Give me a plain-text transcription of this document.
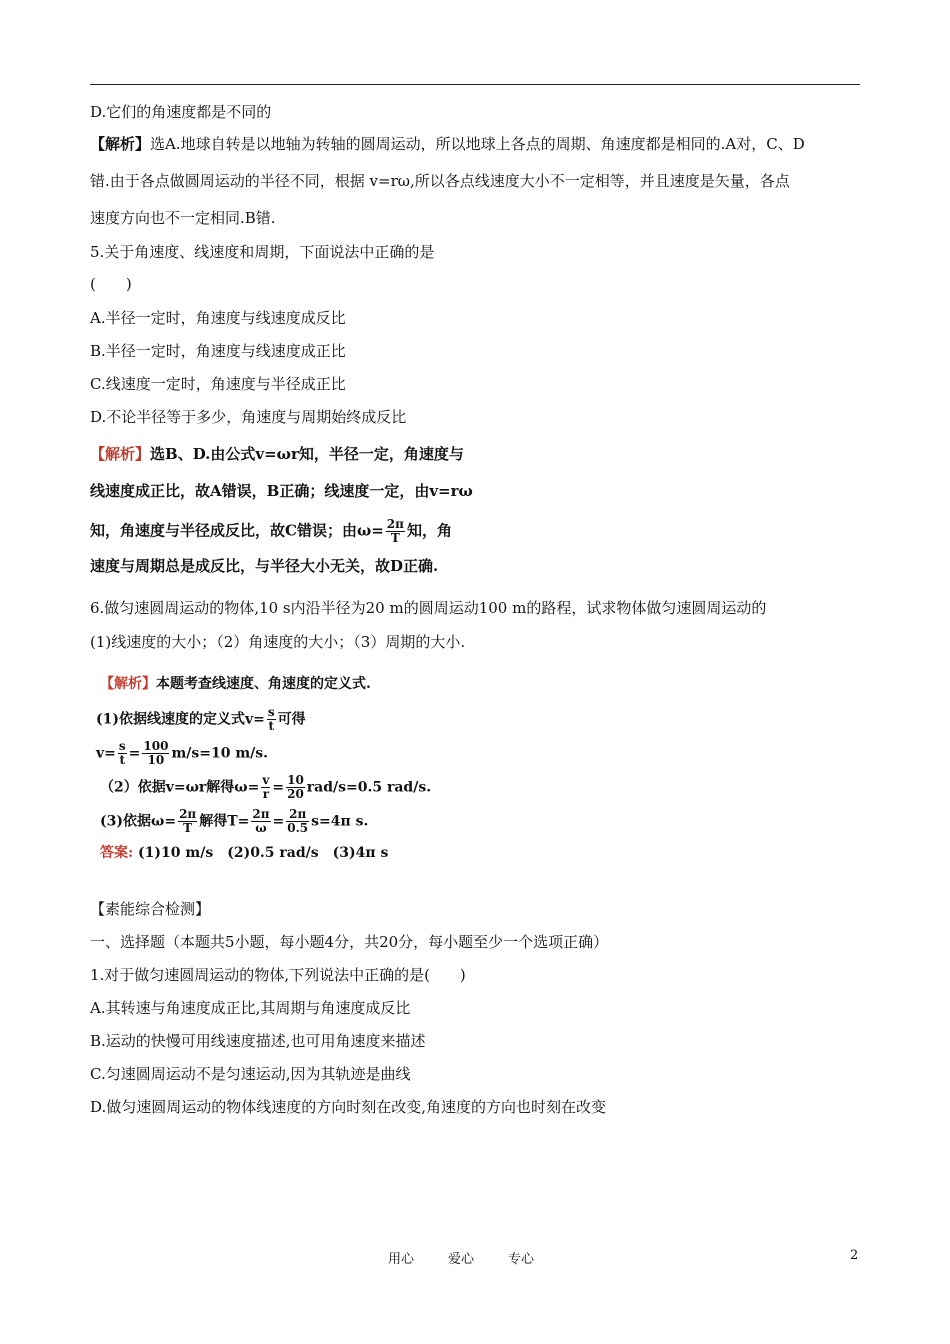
D.它们的角速度都是不同的
【解析】选A.地球自转是以地轴为转轴的圆周运动，所以地球上各点的周期、角速度都是相同的.A对，C、D
错.由于各点做圆周运动的半径不同，根据 v=rω,所以各点线速度大小不一定相等，并且速度是矢量，各点
速度方向也不一定相同.B错.
5.关于角速度、线速度和周期，下面说法中正确的是
(　　)
A.半径一定时，角速度与线速度成反比
B.半径一定时，角速度与线速度成正比
C.线速度一定时，角速度与半径成正比
D.不论半径等于多少，角速度与周期始终成反比
【解析】选B、D.由公式v=ωr知，半径一定，角速度与
线速度成正比，故A错误，B正确；线速度一定，由v=rω
知，角速度与半径成反比，故C错误；由$\omega= \frac{2\pi}{T}$ 知，角
速度与周期总是成反比，与半径大小无关，故D正确.
6.做匀速圆周运动的物体,10 s内沿半径为20 m的圆周运动100 m的路程，试求物体做匀速圆周运动的
(1)线速度的大小；（2）角速度的大小；（3）周期的大小.
【解析】本题考查线速度、角速度的定义式.
(1)依据线速度的定义式$v= \frac{s}{t}$ 可得
$v= \frac{s}{t} = \frac{100}{10} m/s=10$ m/s.
（2）依据v=ωr解得$\omega= \frac{v}{r} = \frac{10}{20} rad/s=0.5$ rad/s.
(3)依据$\omega= \frac{2\pi}{T}$ 解得$T= \frac{2\pi}{\omega} = \frac{2\pi}{0.5} s=4\pi$ s.
答案: (1)10 m/s　(2)0.5 rad/s　(3)4π s
【素能综合检测】
一、选择题（本题共5小题，每小题4分，共20分，每小题至少一个选项正确）
1.对于做匀速圆周运动的物体,下列说法中正确的是(　　)
A.其转速与角速度成正比,其周期与角速度成反比
B.运动的快慢可用线速度描述,也可用角速度来描述
C.匀速圆周运动不是匀速运动,因为其轨迹是曲线
D.做匀速圆周运动的物体线速度的方向时刻在改变,角速度的方向也时刻在改变
用心	爱心	专心	2
